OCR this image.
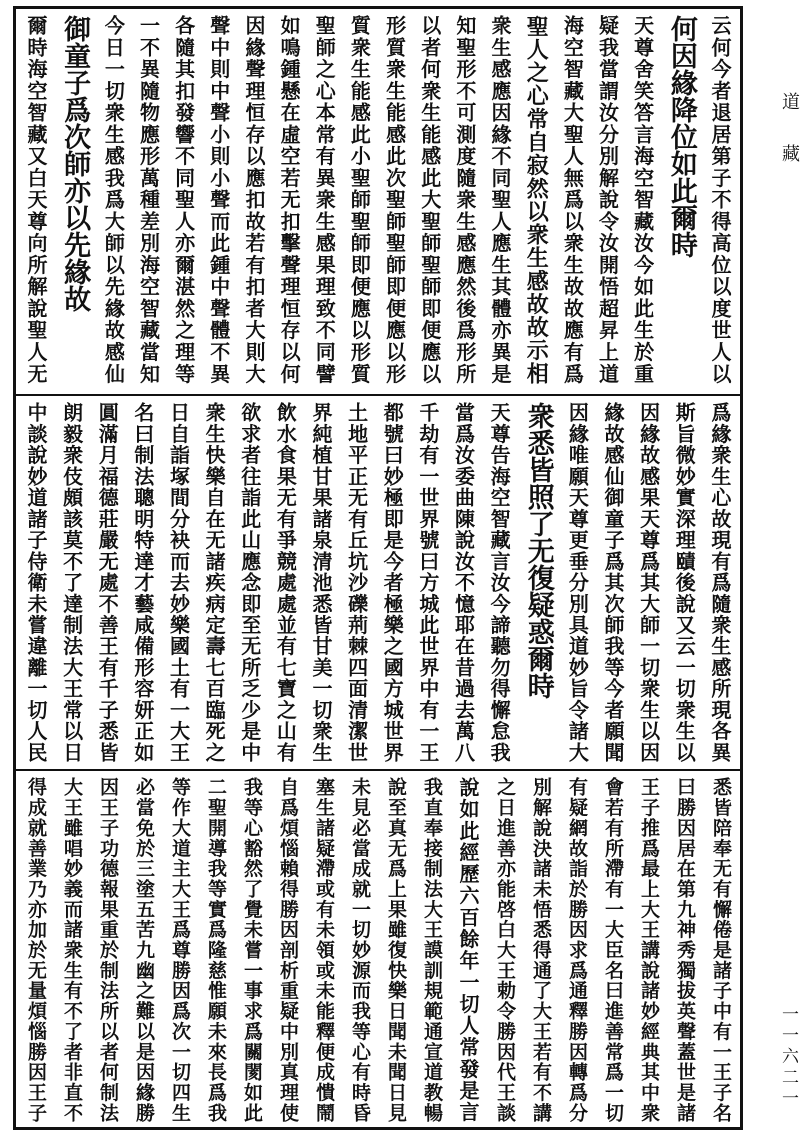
云何今者退居第子不得高位以度世人以
何因緣降位如此爾時
天尊舍笑答言海空智藏汝今如此生於重
疑我當謂汝分別解說令汝開悟超昇上道
海空智藏大聖人無爲以衆生故故應有爲
聖人之心常自寂然以衆生感故故示相
衆生感應因緣不同聖人應生其體亦異是
知聖形不可測度隨衆生感應然後爲形所
以者何衆生能感此大聖師聖師即便應以
形質衆生能感此次聖師聖師即便應以形
質衆生能感此小聖師聖師即便應以形質
聖師之心本常有異衆生感果理致不同譬
如鳴鍾懸在虛空若无扣擊聲理恒存以何
因緣聲理恒存以應扣故若有扣者大則大
聲中則中聲小則小聲而此鍾中聲體不異
各隨其扣發響不同聖人亦爾湛然之理等
一不異隨物應形萬種差別海空智藏當知
今日一切衆生感我爲大師以先緣故感仙
御童子爲次師亦以先緣故
爾時海空智藏又白天尊向所解說聖人无
爲緣衆生心故現有爲隨衆生感所現各異
斯旨微妙實深理賾後說又云一切衆生以
因緣故感果天尊爲其大師一切衆生以因
緣故感仙御童子爲其次師我等今者願聞
因緣唯願天尊更垂分別具道妙旨令諸大
衆悉皆照了无復疑惑爾時
天尊告海空智藏言汝今諦聽勿得懈怠我
當爲汝委曲陳說汝不憶耶在昔過去萬八
千劫有一世界號曰方城此世界中有一王
都號曰妙極即是今者極樂之國方城世界
土地平正无有丘坑沙礫荊棘四面清潔世
界純植甘果諸泉清池悉皆甘美一切衆生
飲水食果无有爭競處處並有七寶之山有
欲求者往詣此山應念即至无所乏少是中
衆生快樂自在无諸疾病定壽七百臨死之
日自詣塚間分袂而去妙樂國土有一大王
名曰制法聰明特達才藝咸備形容妍正如
圓滿月福德莊嚴无處不善王有千子悉皆
朗毅衆伎頗該莫不了達制法大王常以日
中談說妙道諸子侍衛未嘗違離一切人民
悉皆陪奉无有懈倦是諸子中有一王子名
曰勝因居在第九神秀獨拔英聲蓋世是諸
王子推爲最上大王講說諸妙經典其中衆
會若有所滯有一大臣名曰進善常爲一切
有疑網故詣於勝因求爲通釋勝因轉爲分
別解說決諸未悟悉得通了大王若有不講
之日進善亦能啓白大王勅令勝因代王談
說如此經歷六百餘年一切人常發是言
我直奉接制法大王謨訓規範通宣道教暢
說至真无爲上果雖復快樂日聞未聞日見
未見必當成就一切妙源而我等心有時昏
塞生諸疑滯或有未領或未能釋便成憒鬧
自爲煩惱賴得勝因剖析重疑中別真理使
我等心豁然了覺未嘗一事求爲關閡如此
二聖開導我等實爲隆慈惟願未來長爲我
等作大道主大王爲尊勝因爲次一切四生
必當免於三塗五苦九幽之難以是因緣勝
因王子功德報果重於制法所以者何制法
大王雖唱妙義而諸衆生有不了者非直不
得成就善業乃亦加於无量煩惱勝因王子
道藏
一一六二一
